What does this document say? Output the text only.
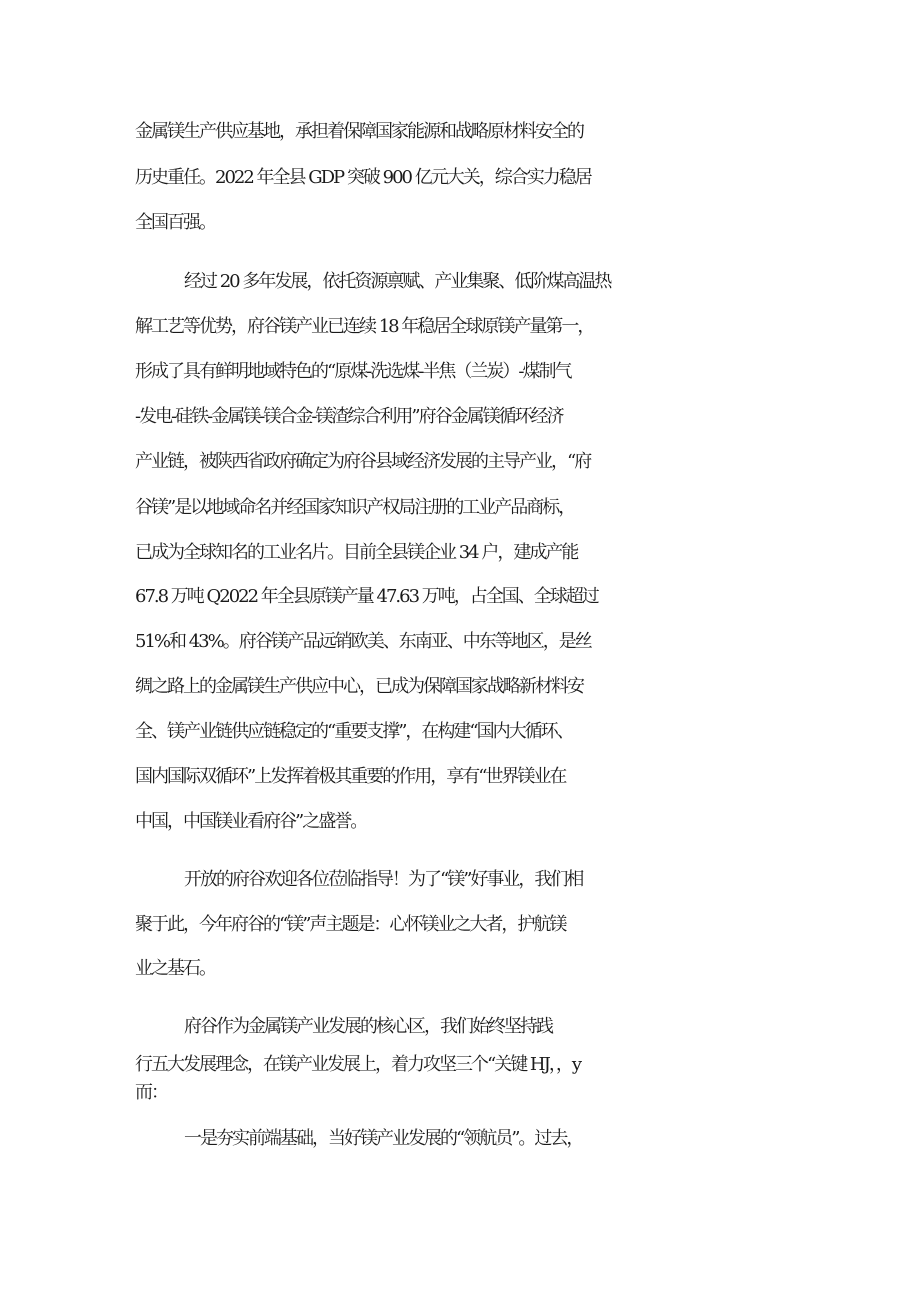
金属镁生产供应基地，承担着保障国家能源和战略原材料安全的
历史重任。2022 年全县 GDP 突破 900 亿元大关，综合实力稳居
全国百强。
经过 20 多年发展，依托资源禀赋、产业集聚、低阶煤高温热
解工艺等优势，府谷镁产业已连续 18 年稳居全球原镁产量第一，
形成了具有鲜明地域特色的“原煤-洗选煤-半焦（兰炭）-煤制气
-发电-硅铁-金属镁-镁合金-镁渣综合利用”府谷金属镁循环经济
产业链，被陕西省政府确定为府谷县域经济发展的主导产业，“府
谷镁”是以地域命名并经国家知识产权局注册的工业产品商标，
已成为全球知名的工业名片。目前全县镁企业 34 户，建成产能
67.8 万吨 Q2022 年全县原镁产量 47.63 万吨，占全国、全球超过
51%和 43%。府谷镁产品远销欧美、东南亚、中东等地区，是丝
绸之路上的金属镁生产供应中心，已成为保障国家战略新材料安
全、镁产业链供应链稳定的“重要支撑”，在构建“国内大循环、
国内国际双循环”上发挥着极其重要的作用，享有“世界镁业在
中国，中国镁业看府谷”之盛誉。
开放的府谷欢迎各位莅临指导！为了“镁”好事业，我们相
聚于此，今年府谷的“镁”声主题是：心怀镁业之大者，护航镁
业之基石。
府谷作为金属镁产业发展的核心区，我们始终坚持践
行五大发展理念，在镁产业发展上，着力攻坚三个“关键 HJ，，y
而：
一是夯实前端基础，当好镁产业发展的“领航员”。过去，
